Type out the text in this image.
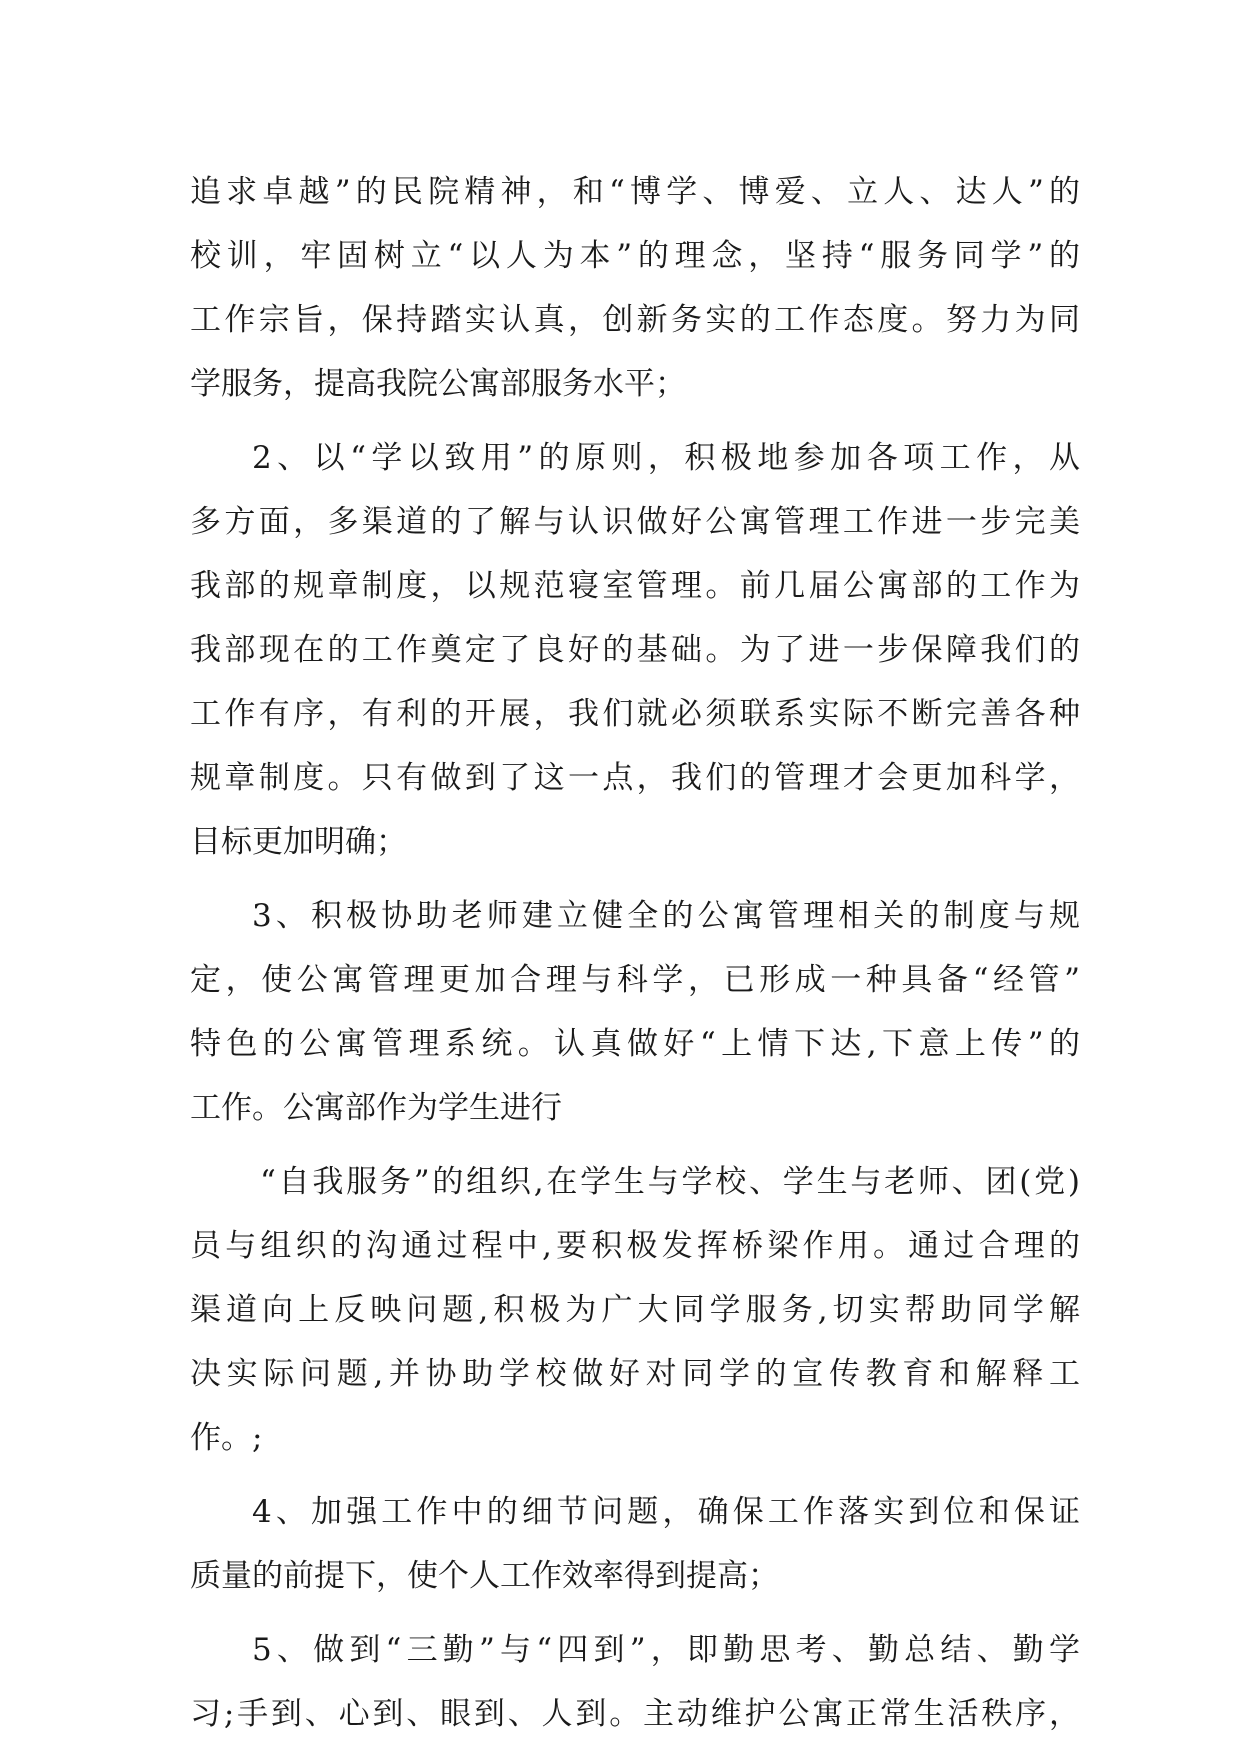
追求卓越”的民院精神，和“博学、博爱、立人、达人”的
校训，牢固树立“以人为本”的理念，坚持“服务同学”的
工作宗旨，保持踏实认真，创新务实的工作态度。努力为同
学服务，提高我院公寓部服务水平；
2、以“学以致用”的原则，积极地参加各项工作，从
多方面，多渠道的了解与认识做好公寓管理工作进一步完美
我部的规章制度，以规范寝室管理。前几届公寓部的工作为
我部现在的工作奠定了良好的基础。为了进一步保障我们的
工作有序，有利的开展，我们就必须联系实际不断完善各种
规章制度。只有做到了这一点，我们的管理才会更加科学，
目标更加明确；
3、积极协助老师建立健全的公寓管理相关的制度与规
定，使公寓管理更加合理与科学，已形成一种具备“经管”
特色的公寓管理系统。认真做好“上情下达,下意上传”的
工作。公寓部作为学生进行
“自我服务”的组织,在学生与学校、学生与老师、团(党)
员与组织的沟通过程中,要积极发挥桥梁作用。通过合理的
渠道向上反映问题,积极为广大同学服务,切实帮助同学解
决实际问题,并协助学校做好对同学的宣传教育和解释工
作。;
4、加强工作中的细节问题，确保工作落实到位和保证
质量的前提下，使个人工作效率得到提高；
5、做到“三勤”与“四到”，即勤思考、勤总结、勤学
习;手到、心到、眼到、人到。主动维护公寓正常生活秩序，
